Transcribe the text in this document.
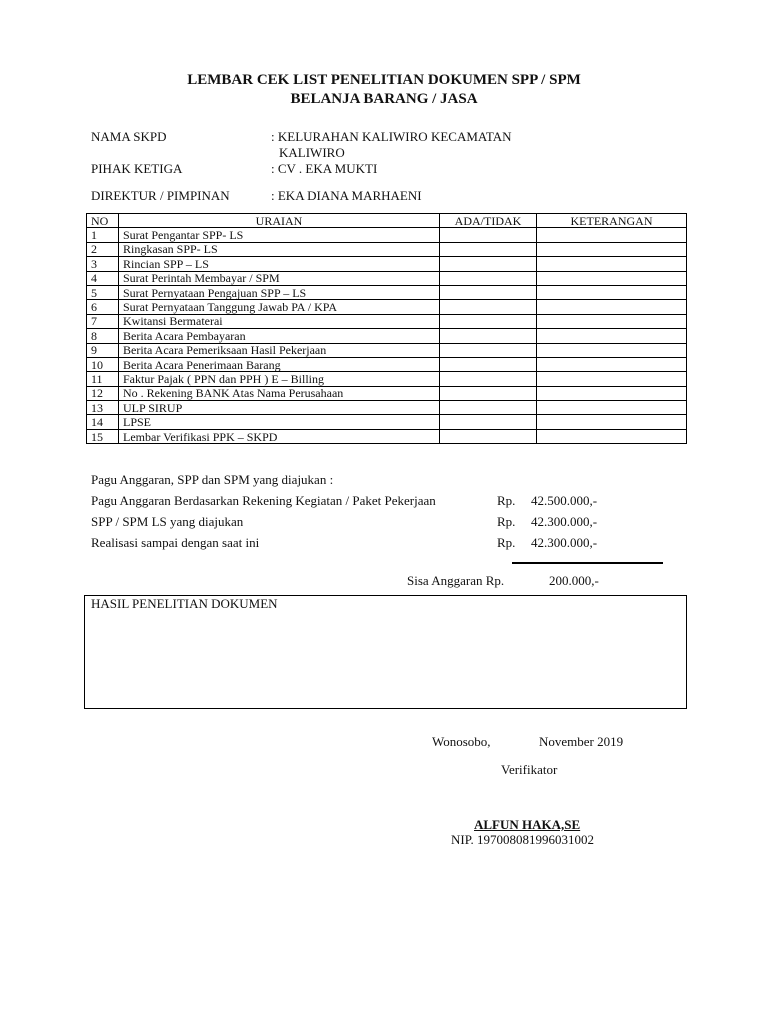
LEMBAR CEK LIST PENELITIAN DOKUMEN SPP / SPM
BELANJA BARANG / JASA
NAMA SKPD	: KELURAHAN KALIWIRO KECAMATAN
KALIWIRO
PIHAK KETIGA	: CV . EKA MUKTI
DIREKTUR / PIMPINAN	: EKA DIANA MARHAENI
NO	URAIAN	ADA/TIDAK	KETERANGAN
1	Surat Pengantar SPP- LS		
2	Ringkasan SPP- LS		
3	Rincian SPP – LS		
4	Surat Perintah Membayar / SPM		
5	Surat Pernyataan Pengajuan SPP – LS		
6	Surat Pernyataan Tanggung Jawab PA / KPA		
7	Kwitansi Bermaterai		
8	Berita Acara Pembayaran		
9	Berita Acara Pemeriksaan Hasil Pekerjaan		
10	Berita Acara Penerimaan Barang		
11	Faktur Pajak ( PPN dan PPH ) E – Billing		
12	No . Rekening BANK Atas Nama Perusahaan		
13	ULP SIRUP		
14	LPSE		
15	Lembar Verifikasi PPK – SKPD		
Pagu Anggaran, SPP dan SPM yang diajukan :
Pagu Anggaran Berdasarkan Rekening Kegiatan / Paket Pekerjaan	Rp. 42.500.000,-
SPP / SPM LS yang diajukan	Rp. 42.300.000,-
Realisasi sampai dengan saat ini	Rp. 42.300.000,-
Sisa Anggaran Rp.	200.000,-
HASIL PENELITIAN DOKUMEN
Wonosobo,	November 2019
Verifikator
ALFUN HAKA,SE
NIP. 197008081996031002
